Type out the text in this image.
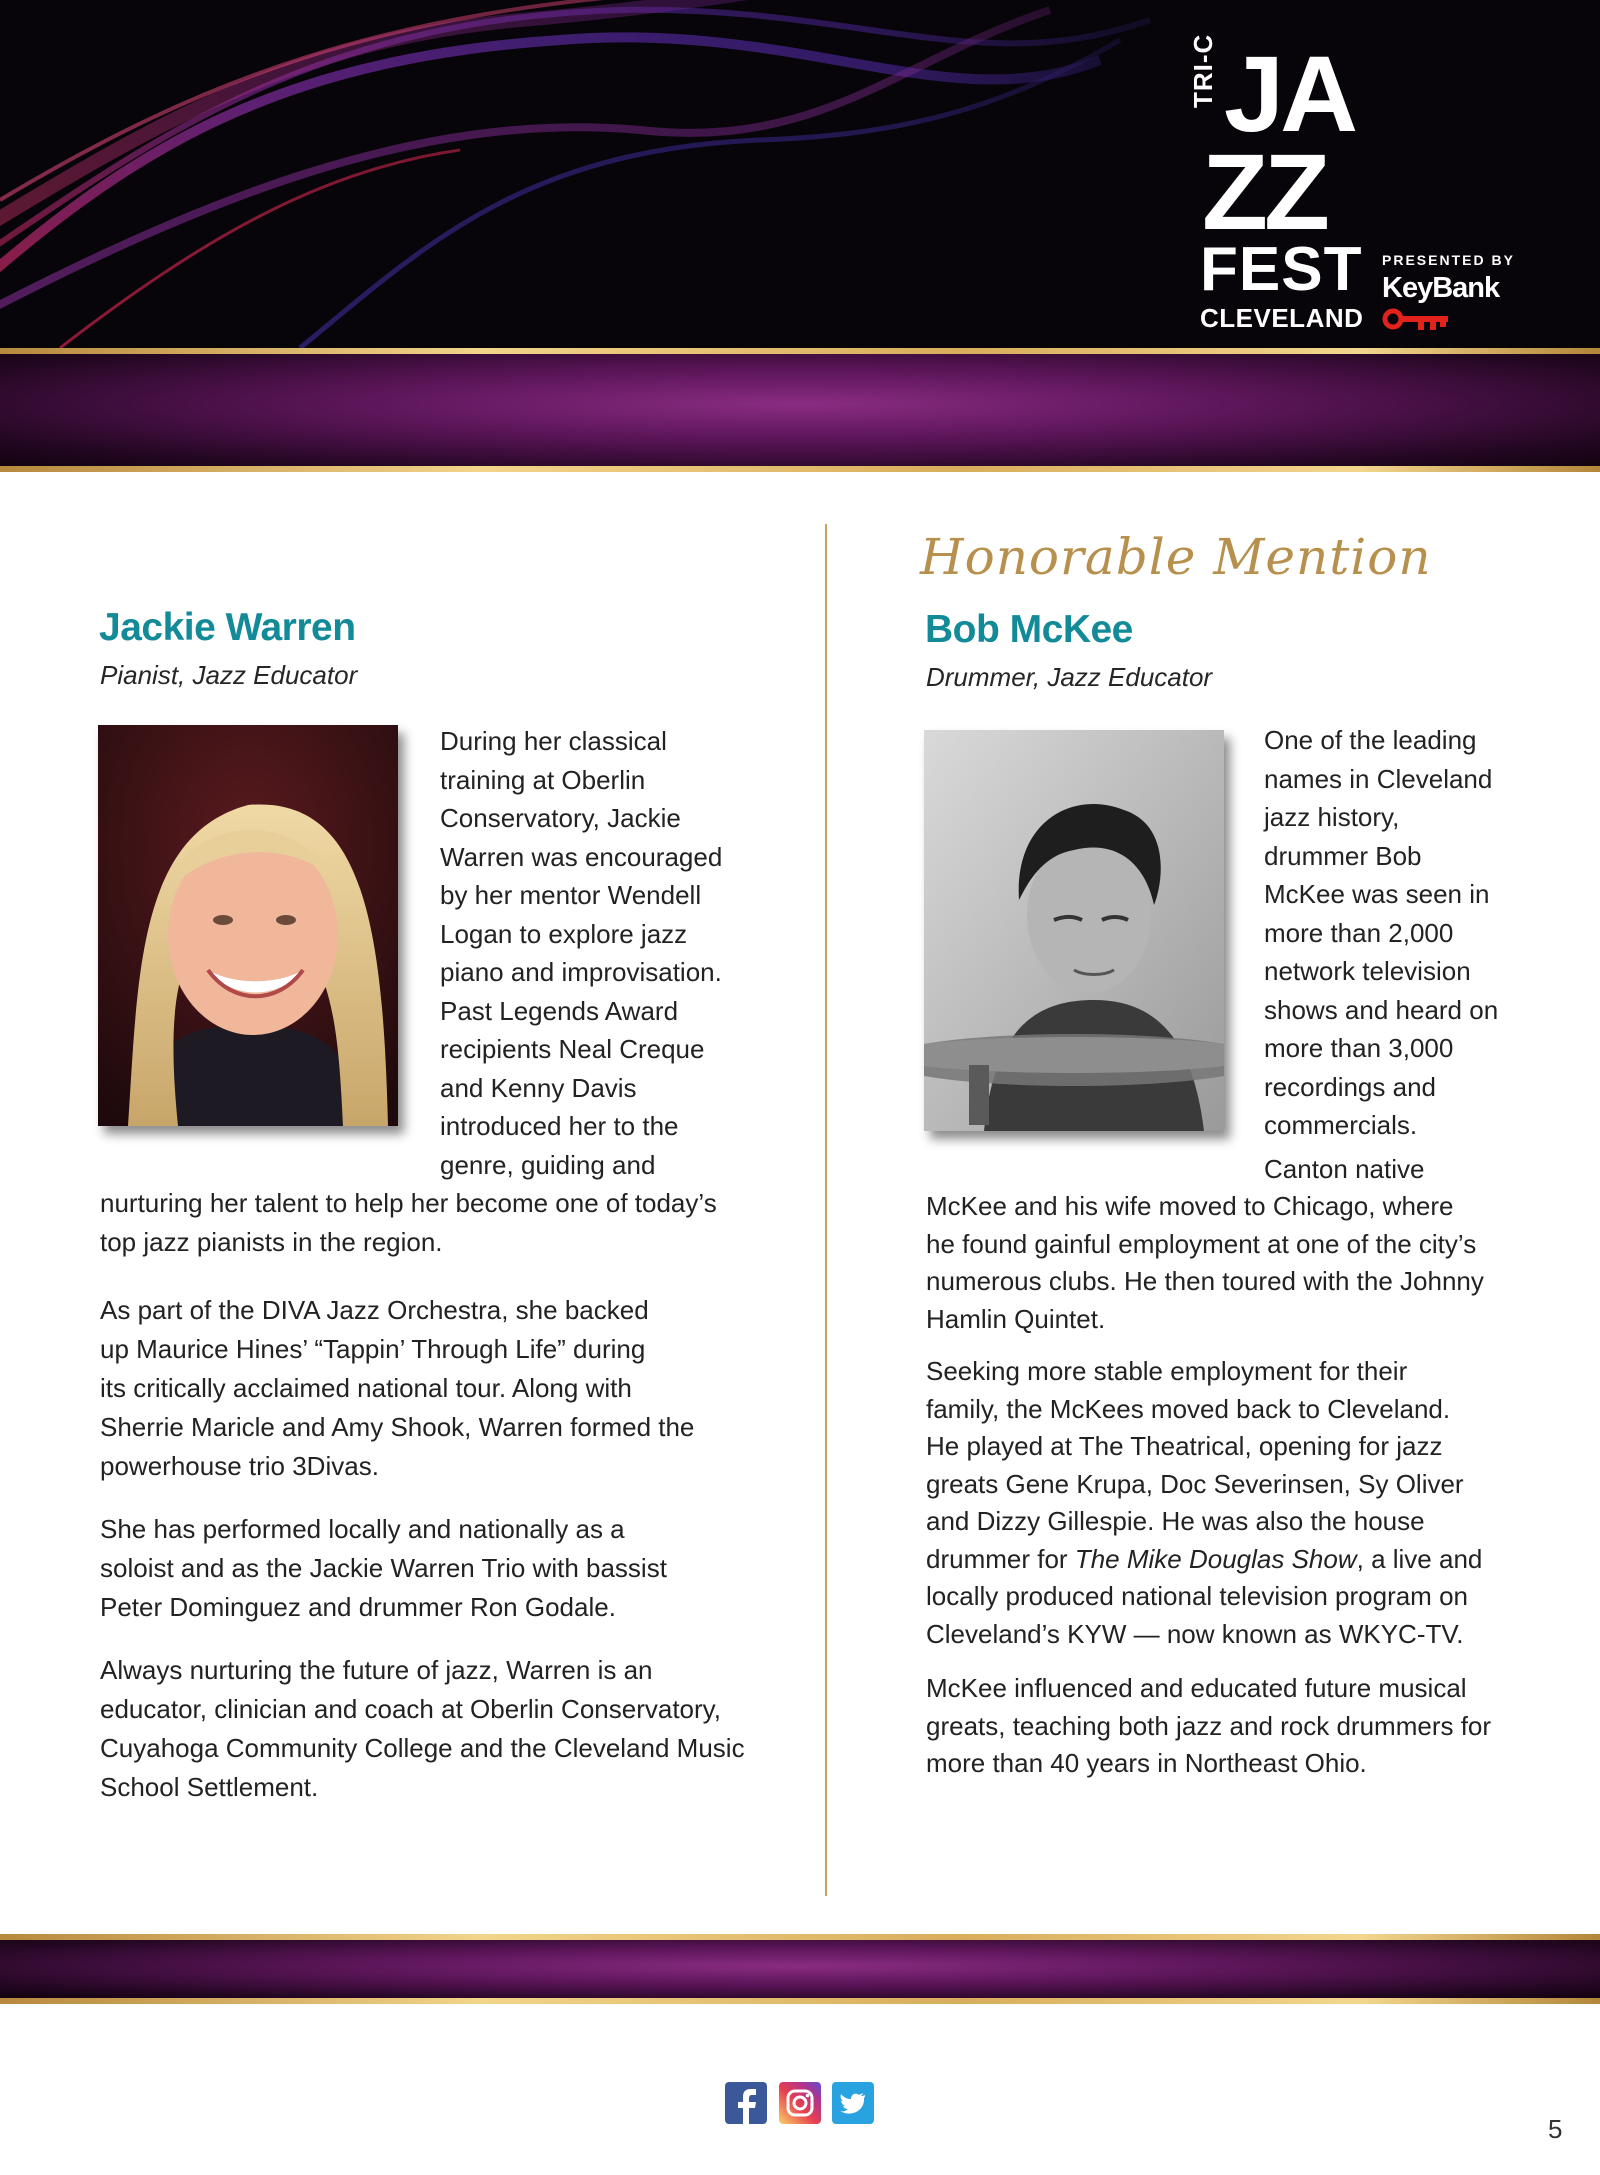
TRI-C JA
ZZ
FEST
CLEVELAND
PRESENTED BY
KeyBank
Jackie Warren
Pianist, Jazz Educator
During her classical
training at Oberlin
Conservatory, Jackie
Warren was encouraged
by her mentor Wendell
Logan to explore jazz
piano and improvisation.
Past Legends Award
recipients Neal Creque
and Kenny Davis
introduced her to the
genre, guiding and
nurturing her talent to help her become one of today’s
top jazz pianists in the region.
As part of the DIVA Jazz Orchestra, she backed
up Maurice Hines’ “Tappin’ Through Life” during
its critically acclaimed national tour. Along with
Sherrie Maricle and Amy Shook, Warren formed the
powerhouse trio 3Divas.
She has performed locally and nationally as a
soloist and as the Jackie Warren Trio with bassist
Peter Dominguez and drummer Ron Godale.
Always nurturing the future of jazz, Warren is an
educator, clinician and coach at Oberlin Conservatory,
Cuyahoga Community College and the Cleveland Music
School Settlement.
Honorable Mention
Bob McKee
Drummer, Jazz Educator
One of the leading
names in Cleveland
jazz history,
drummer Bob
McKee was seen in
more than 2,000
network television
shows and heard on
more than 3,000
recordings and
commercials.
Canton native
McKee and his wife moved to Chicago, where
he found gainful employment at one of the city’s
numerous clubs. He then toured with the Johnny
Hamlin Quintet.
Seeking more stable employment for their
family, the McKees moved back to Cleveland.
He played at The Theatrical, opening for jazz
greats Gene Krupa, Doc Severinsen, Sy Oliver
and Dizzy Gillespie. He was also the house
drummer for The Mike Douglas Show, a live and
locally produced national television program on
Cleveland’s KYW — now known as WKYC-TV.
McKee influenced and educated future musical
greats, teaching both jazz and rock drummers for
more than 40 years in Northeast Ohio.
5
